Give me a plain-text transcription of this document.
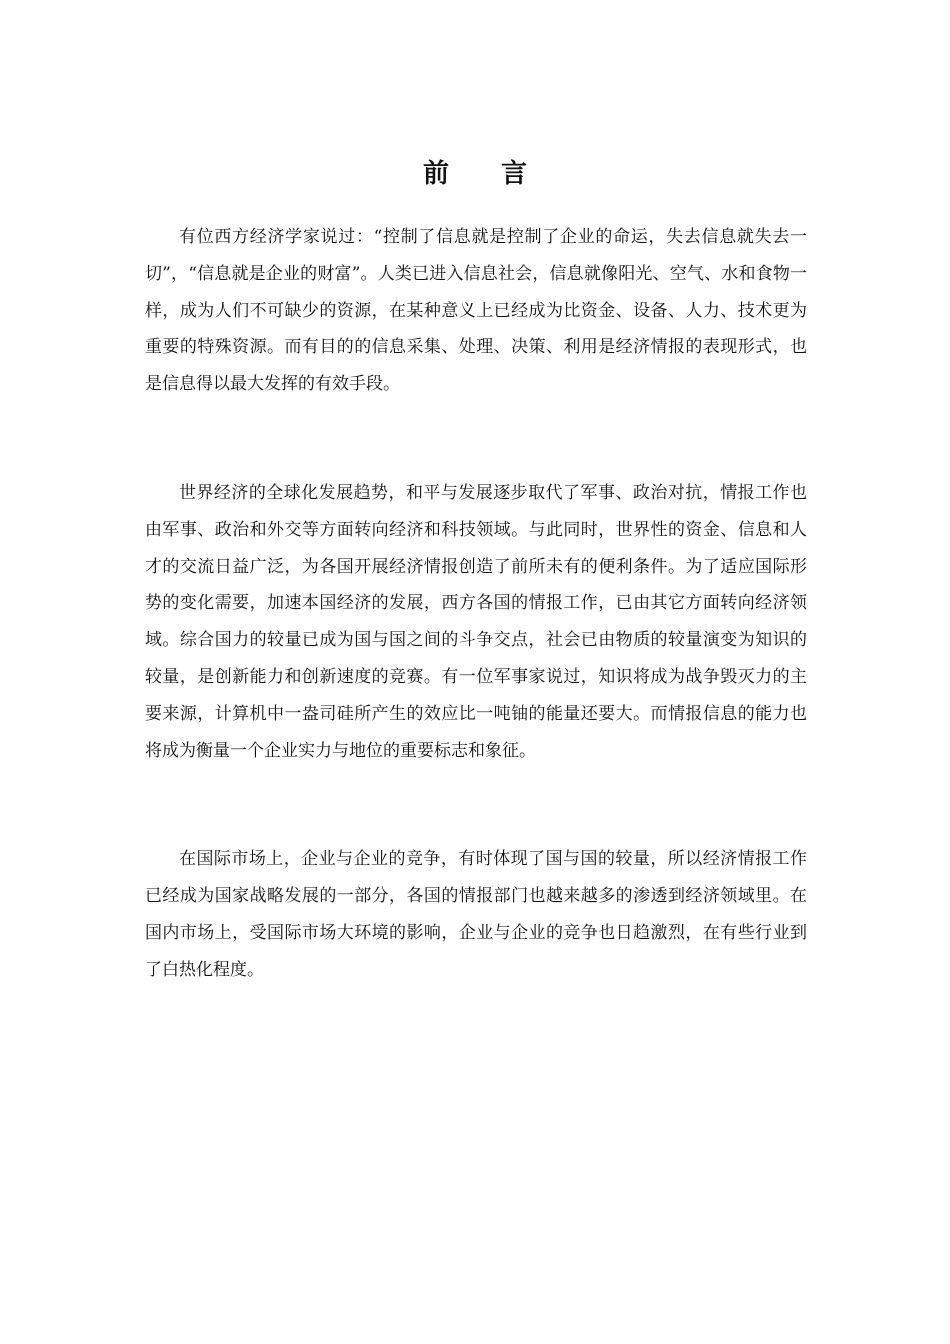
前 言

有位西方经济学家说过：“控制了信息就是控制了企业的命运，失去信息就失去一切”，“信息就是企业的财富”。人类已进入信息社会，信息就像阳光、空气、水和食物一样，成为人们不可缺少的资源，在某种意义上已经成为比资金、设备、人力、技术更为重要的特殊资源。而有目的的信息采集、处理、决策、利用是经济情报的表现形式，也是信息得以最大发挥的有效手段。

世界经济的全球化发展趋势，和平与发展逐步取代了军事、政治对抗，情报工作也由军事、政治和外交等方面转向经济和科技领域。与此同时，世界性的资金、信息和人才的交流日益广泛，为各国开展经济情报创造了前所未有的便利条件。为了适应国际形势的变化需要，加速本国经济的发展，西方各国的情报工作，已由其它方面转向经济领域。综合国力的较量已成为国与国之间的斗争交点，社会已由物质的较量演变为知识的较量，是创新能力和创新速度的竞赛。有一位军事家说过，知识将成为战争毁灭力的主要来源，计算机中一盎司硅所产生的效应比一吨铀的能量还要大。而情报信息的能力也将成为衡量一个企业实力与地位的重要标志和象征。

在国际市场上，企业与企业的竞争，有时体现了国与国的较量，所以经济情报工作已经成为国家战略发展的一部分，各国的情报部门也越来越多的渗透到经济领域里。在国内市场上，受国际市场大环境的影响，企业与企业的竞争也日趋激烈，在有些行业到了白热化程度。
